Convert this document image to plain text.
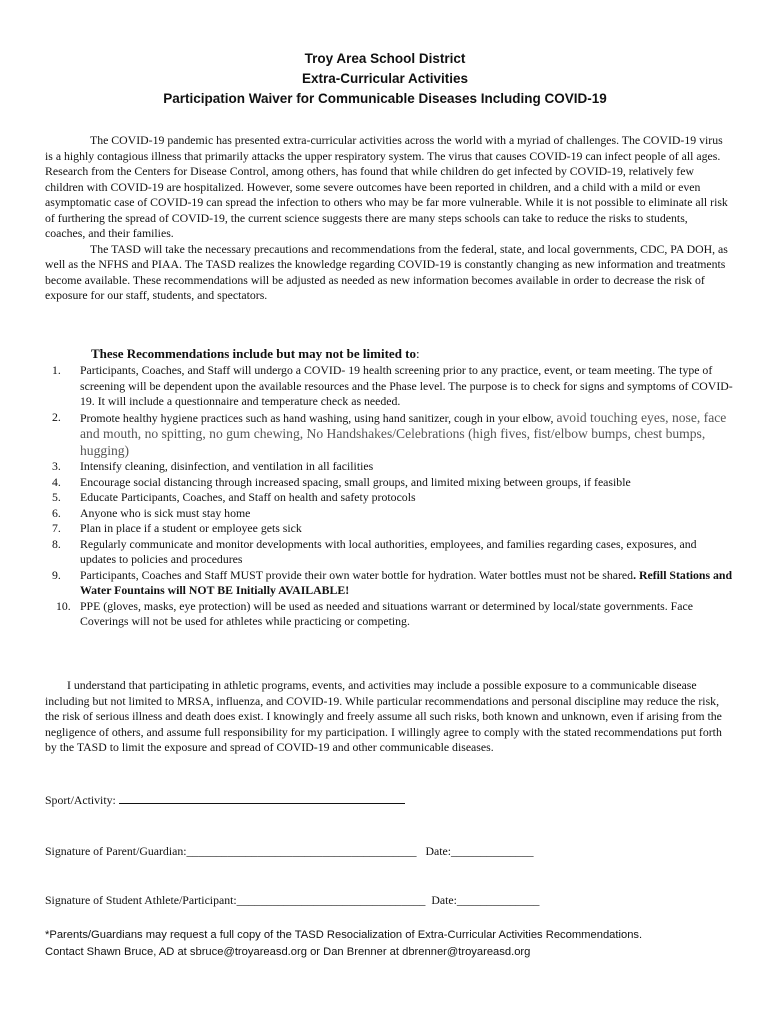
Troy Area School District
Extra-Curricular Activities
Participation Waiver for Communicable Diseases Including COVID-19

The COVID-19 pandemic has presented extra-curricular activities across the world with a myriad of challenges. The COVID-19 virus is a highly contagious illness that primarily attacks the upper respiratory system. The virus that causes COVID-19 can infect people of all ages. Research from the Centers for Disease Control, among others, has found that while children do get infected by COVID-19, relatively few children with COVID-19 are hospitalized. However, some severe outcomes have been reported in children, and a child with a mild or even asymptomatic case of COVID-19 can spread the infection to others who may be far more vulnerable. While it is not possible to eliminate all risk of furthering the spread of COVID-19, the current science suggests there are many steps schools can take to reduce the risks to students, coaches, and their families.

The TASD will take the necessary precautions and recommendations from the federal, state, and local governments, CDC, PA DOH, as well as the NFHS and PIAA. The TASD realizes the knowledge regarding COVID-19 is constantly changing as new information and treatments become available. These recommendations will be adjusted as needed as new information becomes available in order to decrease the risk of exposure for our staff, students, and spectators.

These Recommendations include but may not be limited to:
1. Participants, Coaches, and Staff will undergo a COVID- 19 health screening prior to any practice, event, or team meeting. The type of screening will be dependent upon the available resources and the Phase level. The purpose is to check for signs and symptoms of COVID-19. It will include a questionnaire and temperature check as needed.
2. Promote healthy hygiene practices such as hand washing, using hand sanitizer, cough in your elbow, avoid touching eyes, nose, face and mouth, no spitting, no gum chewing, No Handshakes/Celebrations (high fives, fist/elbow bumps, chest bumps, hugging)
3. Intensify cleaning, disinfection, and ventilation in all facilities
4. Encourage social distancing through increased spacing, small groups, and limited mixing between groups, if feasible
5. Educate Participants, Coaches, and Staff on health and safety protocols
6. Anyone who is sick must stay home
7. Plan in place if a student or employee gets sick
8. Regularly communicate and monitor developments with local authorities, employees, and families regarding cases, exposures, and updates to policies and procedures
9. Participants, Coaches and Staff MUST provide their own water bottle for hydration. Water bottles must not be shared. Refill Stations and Water Fountains will NOT BE Initially AVAILABLE!
10. PPE (gloves, masks, eye protection) will be used as needed and situations warrant or determined by local/state governments. Face Coverings will not be used for athletes while practicing or competing.

I understand that participating in athletic programs, events, and activities may include a possible exposure to a communicable disease including but not limited to MRSA, influenza, and COVID-19. While particular recommendations and personal discipline may reduce the risk, the risk of serious illness and death does exist. I knowingly and freely assume all such risks, both known and unknown, even if arising from the negligence of others, and assume full responsibility for my participation. I willingly agree to comply with the stated recommendations put forth by the TASD to limit the exposure and spread of COVID-19 and other communicable diseases.

Sport/Activity:
Signature of Parent/Guardian:_______________________________________ Date:______________
Signature of Student Athlete/Participant:________________________________ Date:______________

*Parents/Guardians may request a full copy of the TASD Resocialization of Extra-Curricular Activities Recommendations.

Contact Shawn Bruce, AD at sbruce@troyareasd.org or Dan Brenner at dbrenner@troyareasd.org
